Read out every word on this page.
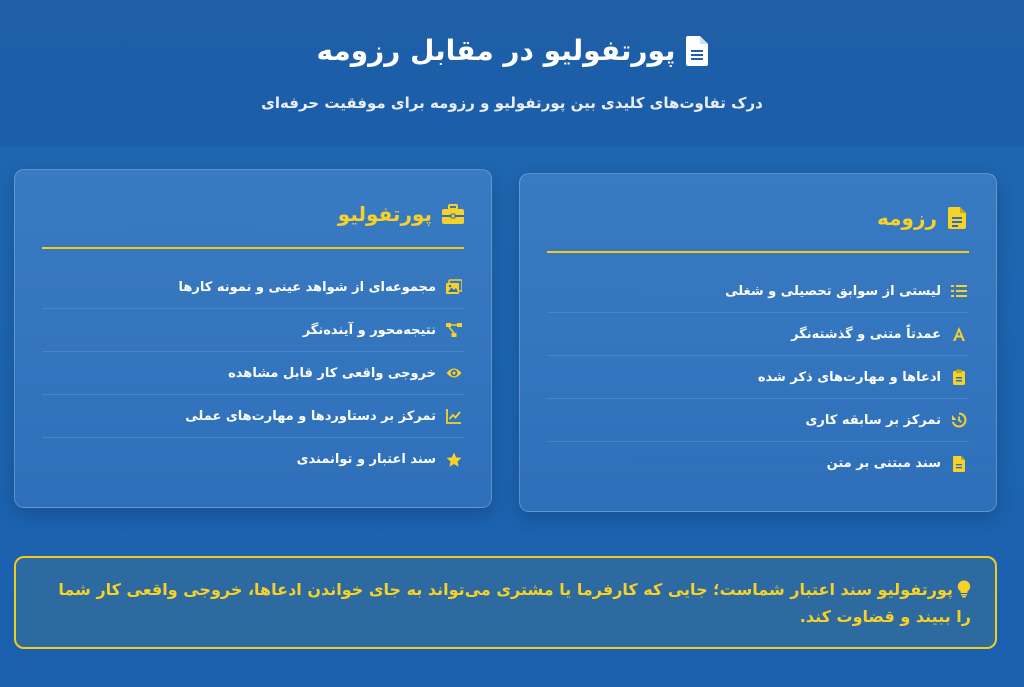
پورتفولیو در مقابل رزومه
درک تفاوت‌های کلیدی بین پورتفولیو و رزومه برای موفقیت حرفه‌ای
رزومه
لیستی از سوابق تحصیلی و شغلی
عمدتاً متنی و گذشته‌نگر
ادعاها و مهارت‌های ذکر شده
تمرکز بر سابقه کاری
سند مبتنی بر متن
پورتفولیو
مجموعه‌ای از شواهد عینی و نمونه کارها
نتیجه‌محور و آینده‌نگر
خروجی واقعی کار قابل مشاهده
تمرکز بر دستاوردها و مهارت‌های عملی
سند اعتبار و توانمندی
پورتفولیو سند اعتبار شماست؛ جایی که کارفرما یا مشتری می‌تواند به جای خواندن ادعاها، خروجی واقعی کار شما را ببیند و قضاوت کند.
